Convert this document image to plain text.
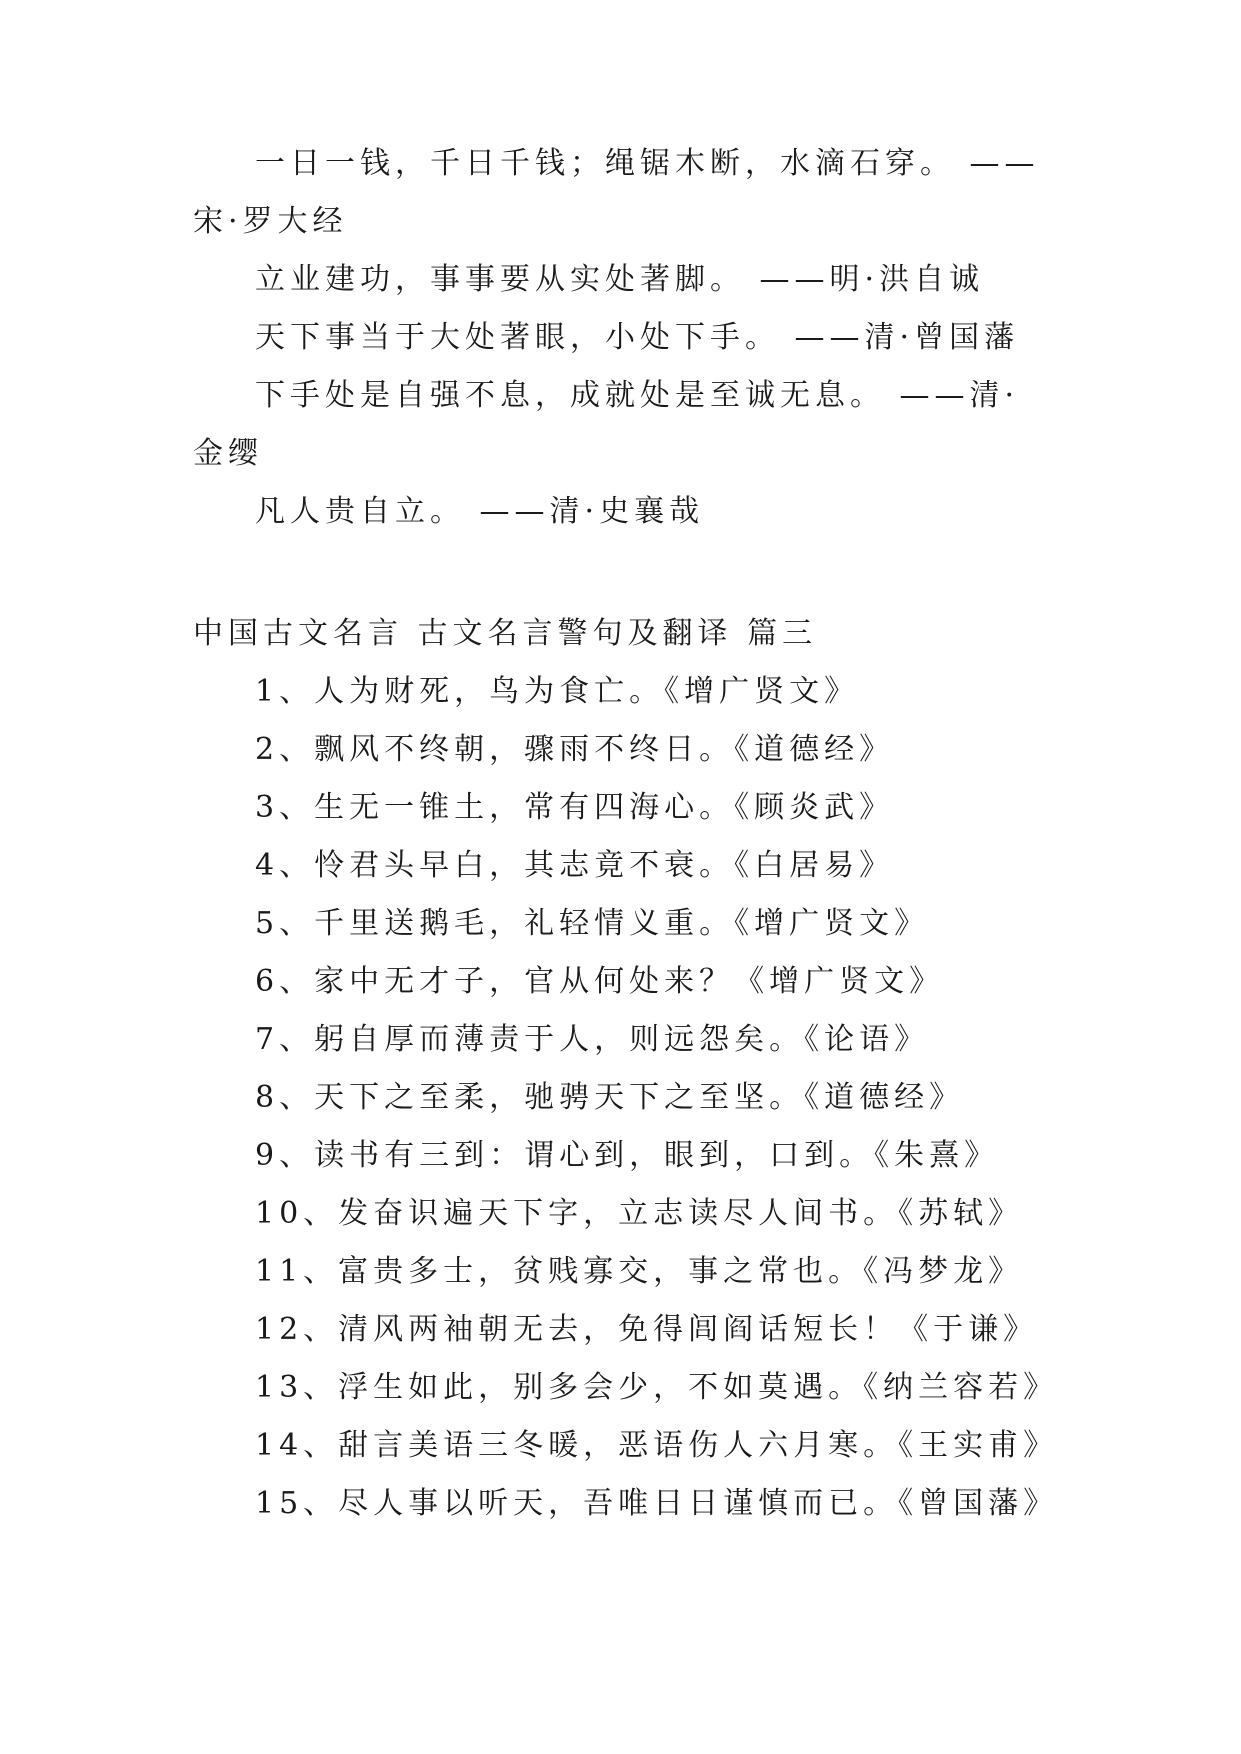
一日一钱，千日千钱；绳锯木断，水滴石穿。 ——宋·罗大经

立业建功，事事要从实处著脚。 ——明·洪自诚

天下事当于大处著眼，小处下手。 ——清·曾国藩

下手处是自强不息，成就处是至诚无息。 ——清·金缨

凡人贵自立。 ——清·史襄哉

中国古文名言 古文名言警句及翻译 篇三

1、人为财死，鸟为食亡。《增广贤文》

2、飘风不终朝，骤雨不终日。《道德经》

3、生无一锥土，常有四海心。《顾炎武》

4、怜君头早白，其志竟不衰。《白居易》

5、千里送鹅毛，礼轻情义重。《增广贤文》

6、家中无才子，官从何处来？《增广贤文》

7、躬自厚而薄责于人，则远怨矣。《论语》

8、天下之至柔，驰骋天下之至坚。《道德经》

9、读书有三到：谓心到，眼到，口到。《朱熹》

10、发奋识遍天下字，立志读尽人间书。《苏轼》

11、富贵多士，贫贱寡交，事之常也。《冯梦龙》

12、清风两袖朝无去，免得闾阎话短长！《于谦》

13、浮生如此，别多会少，不如莫遇。《纳兰容若》

14、甜言美语三冬暖，恶语伤人六月寒。《王实甫》

15、尽人事以听天，吾唯日日谨慎而已。《曾国藩》
